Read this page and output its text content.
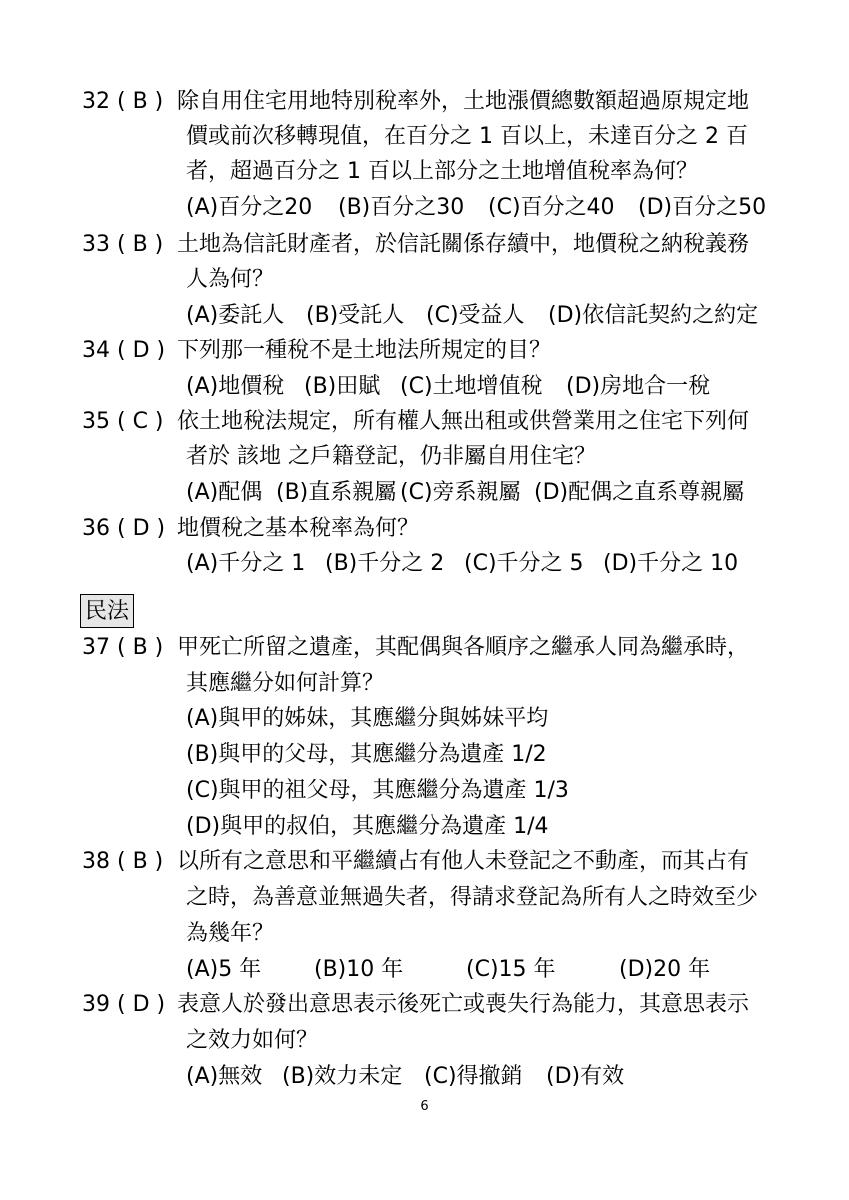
32 ( B ) 除自用住宅用地特別稅率外，土地漲價總數額超過原規定地
價或前次移轉現值，在百分之 1 百以上，未達百分之 2 百
者，超過百分之 1 百以上部分之土地增值稅率為何？
(A)百分之20 (B)百分之30 (C)百分之40 (D)百分之50
33 ( B ) 土地為信託財產者，於信託關係存續中，地價稅之納稅義務
人為何？
(A)委託人 (B)受託人 (C)受益人 (D)依信託契約之約定
34 ( D ) 下列那一種稅不是土地法所規定的目？
(A)地價稅 (B)田賦 (C)土地增值稅 (D)房地合一稅
35 ( C ) 依土地稅法規定，所有權人無出租或供營業用之住宅下列何
者於 該地 之戶籍登記，仍非屬自用住宅？
(A)配偶 (B)直系親屬 (C)旁系親屬 (D)配偶之直系尊親屬
36 ( D ) 地價稅之基本稅率為何？
(A)千分之 1 (B)千分之 2 (C)千分之 5 (D)千分之 10
民法
37 ( B ) 甲死亡所留之遺產，其配偶與各順序之繼承人同為繼承時，
其應繼分如何計算？
(A)與甲的姊妹，其應繼分與姊妹平均
(B)與甲的父母，其應繼分為遺產 1/2
(C)與甲的祖父母，其應繼分為遺產 1/3
(D)與甲的叔伯，其應繼分為遺產 1/4
38 ( B ) 以所有之意思和平繼續占有他人未登記之不動產，而其占有
之時，為善意並無過失者，得請求登記為所有人之時效至少
為幾年？
(A)5 年 (B)10 年	(C)15 年	(D)20 年
39 ( D ) 表意人於發出意思表示後死亡或喪失行為能力，其意思表示
之效力如何？
(A)無效 (B)效力未定 (C)得撤銷 (D)有效
6
